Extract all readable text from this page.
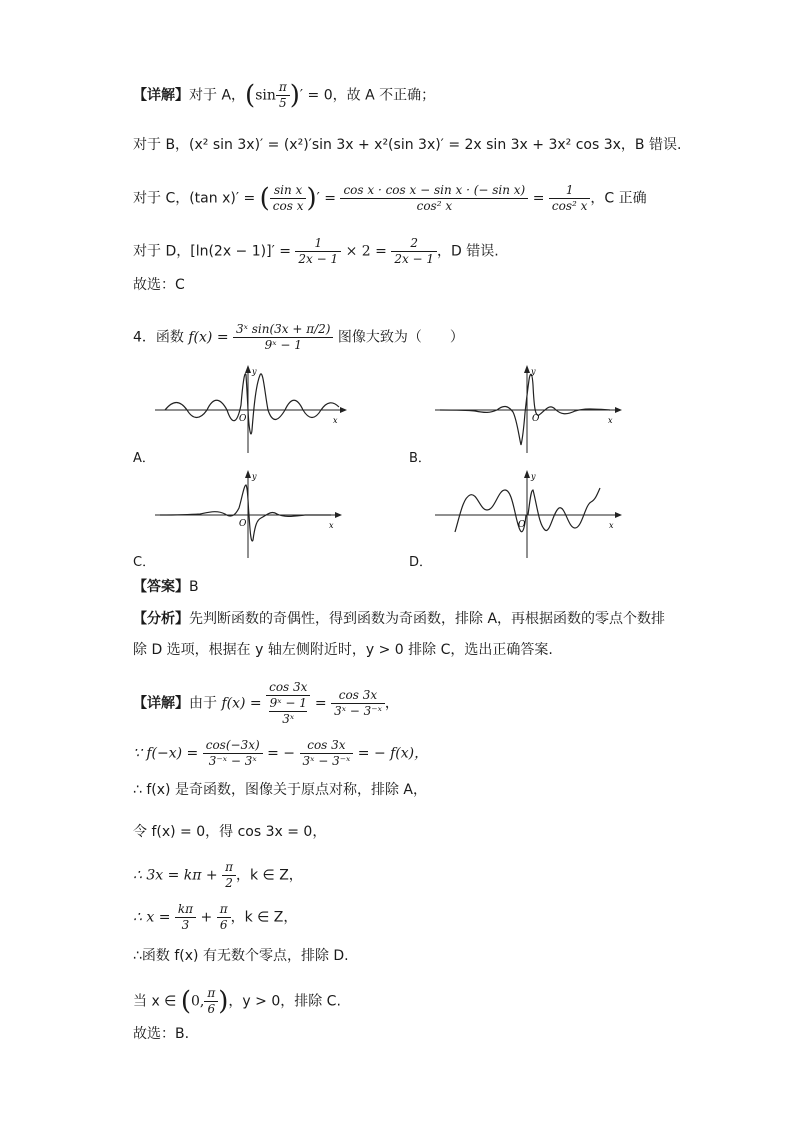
【详解】对于 A，($\sin \frac{\pi}{5}$ )′ = 0，故 A 不正确；
对于 B，(x² sin 3x)′ = (x²)′sin 3x + x²(sin 3x)′ = 2x sin 3x + 3x² cos 3x，B 错误.
对于 C，(tan x)′ = ( $\frac{\text{sin x}}{\text{cos x}}$ )′ = $\frac{\text{cos x · cos x − sin x · (− sin x)}}{\text{cos² x}} = \frac{1}{\text{cos² x}}$ ，C 正确
对于 D，$[\ln(2x - 1)]' = \frac{1}{2x - 1} \times 2 = \frac{2}{2x - 1}$ ，D 错误.
故选：C
4．函数 $f(x) = \frac{\text{3ˣ sin(3x + π/2)}}{\text{9ˣ − 1}}$ 图像大致为（　　）
x
y
O
A．
x
y
O
B．
x
y
O
C．
x
y
O
D．
【答案】B
【分析】先判断函数的奇偶性，得到函数为奇函数，排除 A，再根据函数的零点个数排
除 D 选项，根据在 y 轴左侧附近时，y > 0 排除 C，选出正确答案.
【详解】由于 f(x) = cos 3x
9ˣ − 1
3ˣ = $\frac{\cos 3x}{\text{3ˣ − 3⁻ˣ}}$ ，
∵ $f(-x) = \frac{\cos(-3x)}{\text{3⁻ˣ − 3ˣ}}$ = − $\frac{\cos 3x}{\text{3ˣ − 3⁻ˣ}}$ = − f(x)，
∴ f(x) 是奇函数，图像关于原点对称，排除 A，
令 f(x) = 0，得 cos 3x = 0，
∴ $3x = k\pi + \frac{\pi}{2}$ ，k ∈ Z，
∴ $x = \frac{k\pi}{3} + \frac{\pi}{6}$ ，k ∈ Z，
∴函数 f(x) 有无数个零点，排除 D.
当 x ∈ (0, $\frac{\pi}{6}$ )，y > 0，排除 C.
故选：B.
